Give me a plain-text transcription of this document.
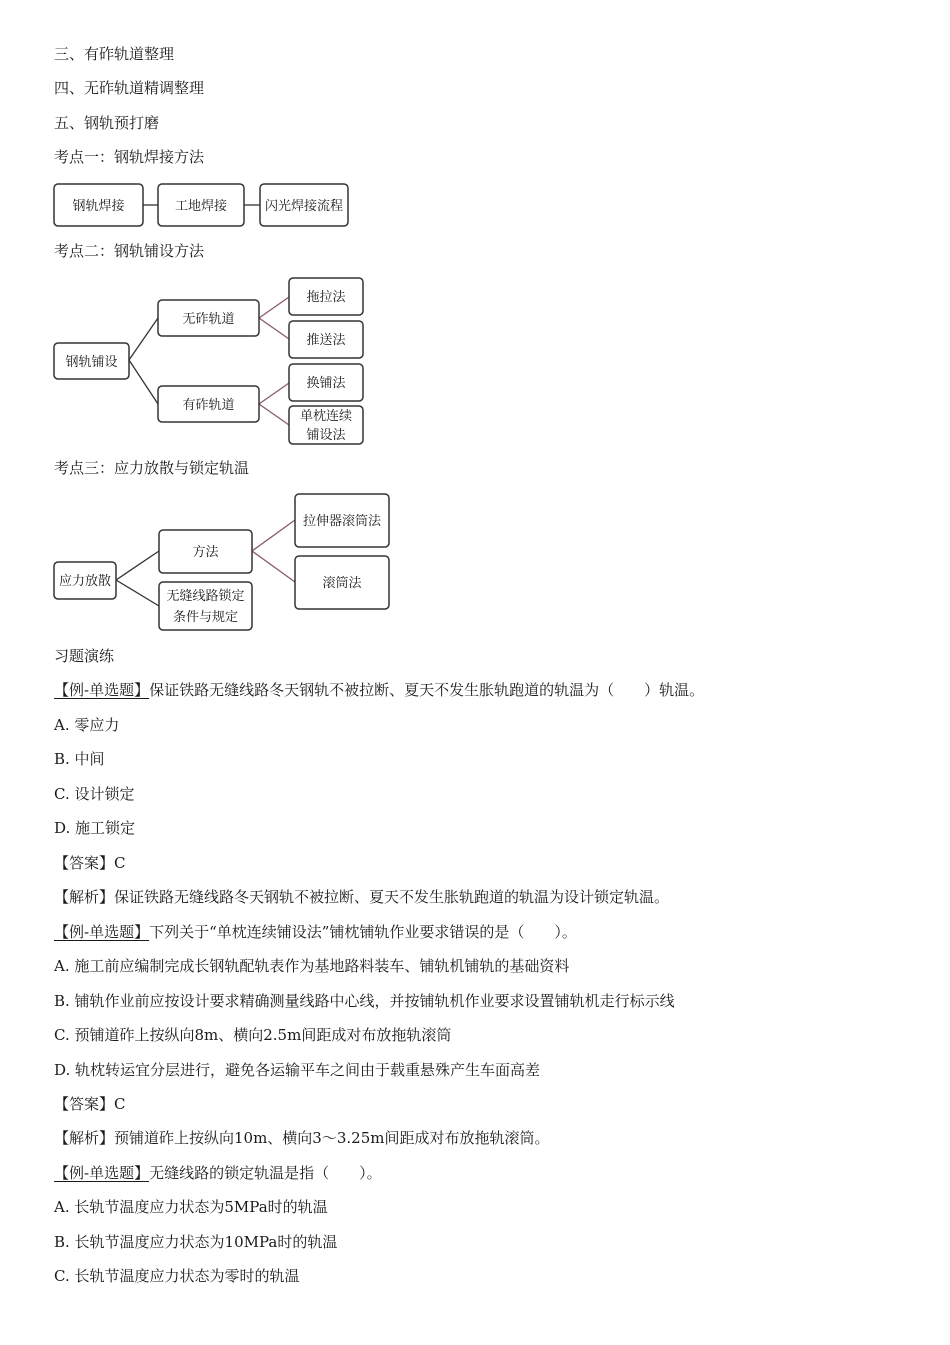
三、有砟轨道整理
四、无砟轨道精调整理
五、钢轨预打磨
考点一：钢轨焊接方法
钢轨焊接	工地焊接	闪光焊接流程
钢轨铺设
无砟轨道
有砟轨道
拖拉法
推送法
换铺法
单枕连续
铺设法
应力放散
方法
无缝线路锁定
条件与规定
拉伸器滚筒法
滚筒法
考点二：钢轨铺设方法
考点三：应力放散与锁定轨温
习题演练
【例-单选题】保证铁路无缝线路冬天钢轨不被拉断、夏天不发生胀轨跑道的轨温为（　　）轨温。
A. 零应力
B. 中间
C. 设计锁定
D. 施工锁定
【答案】C
【解析】保证铁路无缝线路冬天钢轨不被拉断、夏天不发生胀轨跑道的轨温为设计锁定轨温。
【例-单选题】下列关于“单枕连续铺设法”铺枕铺轨作业要求错误的是（　　）。
A. 施工前应编制完成长钢轨配轨表作为基地路料装车、铺轨机铺轨的基础资料
B. 铺轨作业前应按设计要求精确测量线路中心线，并按铺轨机作业要求设置铺轨机走行标示线
C. 预铺道砟上按纵向8m、横向2.5m间距成对布放拖轨滚筒
D. 轨枕转运宜分层进行，避免各运输平车之间由于载重悬殊产生车面高差
【答案】C
【解析】预铺道砟上按纵向10m、横向3～3.25m间距成对布放拖轨滚筒。
【例-单选题】无缝线路的锁定轨温是指（　　）。
A. 长轨节温度应力状态为5MPa时的轨温
B. 长轨节温度应力状态为10MPa时的轨温
C. 长轨节温度应力状态为零时的轨温
